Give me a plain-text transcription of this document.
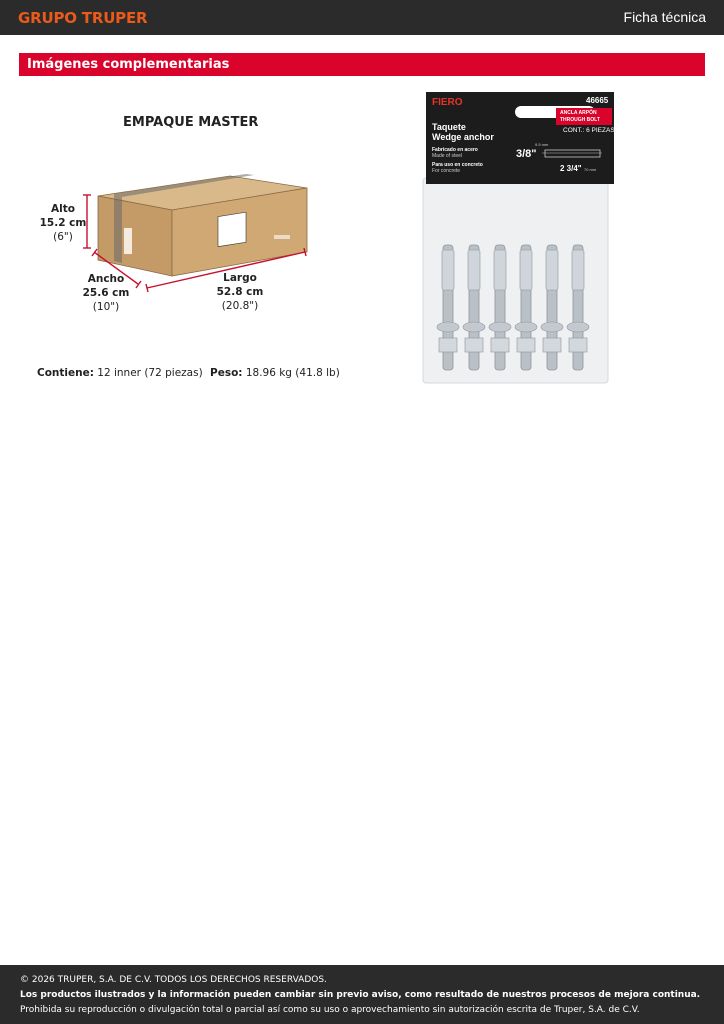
GRUPO TRUPER	Ficha técnica
Imágenes complementarias
EMPAQUE MASTER
Alto
15.2 cm
(6")
Ancho
25.6 cm
(10")
Largo
52.8 cm
(20.8")
Contiene: 12 inner (72 piezas) Peso: 18.96 kg (41.8 lb)
FIERO	46665
Taquete
Wedge anchor
ANCLA ARPÓN
THROUGH BOLT
CONT.: 6 PIEZAS
Fabricado en acero
Made of steel
Para uso en concreto
For concrete
9.5 mm
3/8"
2 3/4" 70 mm

© 2026 TRUPER, S.A. DE C.V. TODOS LOS DERECHOS RESERVADOS.

Los productos ilustrados y la información pueden cambiar sin previo aviso, como resultado de nuestros procesos de mejora continua.

Prohibida su reproducción o divulgación total o parcial así como su uso o aprovechamiento sin autorización escrita de Truper, S.A. de C.V.
